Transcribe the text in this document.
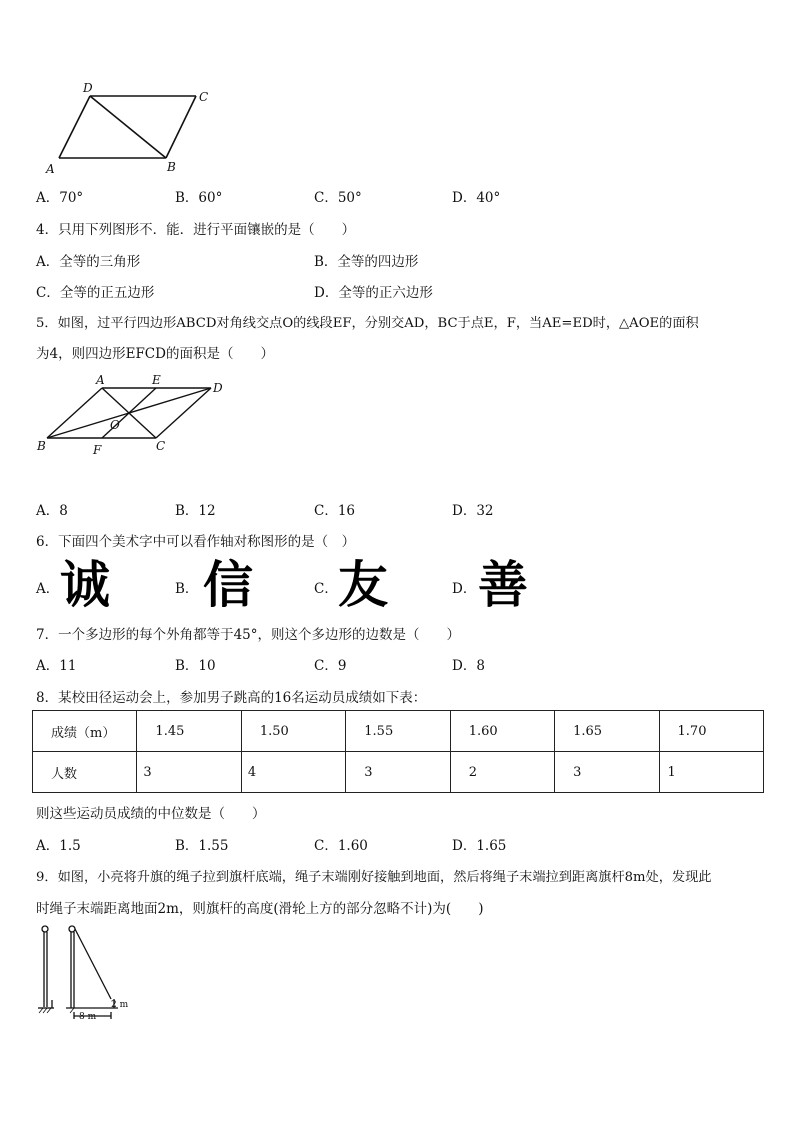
D
C
A	B
A．70°	B．60°	C．50°	D．40°
4．只用下列图形不．能．进行平面镶嵌的是（　　）
A．全等的三角形	B．全等的四边形
C．全等的正五边形	D．全等的正六边形
5．如图，过平行四边形ABCD对角线交点O的线段EF，分别交AD，BC于点E，F，当AE=ED时，△AOE的面积
为4，则四边形EFCD的面积是（　　）
A	E
D
O
B	F	C
A．8	B．12	C．16	D．32
6．下面四个美术字中可以看作轴对称图形的是（　）
A． 诚	B． 信	C． 友	D． 善
7．一个多边形的每个外角都等于45°，则这个多边形的边数是（　　）
A．11	B．10	C．9	D．8
8．某校田径运动会上，参加男子跳高的16名运动员成绩如下表：
成绩（m）	1.45	1.50	1.55	1.60	1.65	1.70
人数	3	4	3	2	3	1
则这些运动员成绩的中位数是（　　）
A．1.5	B．1.55	C．1.60	D．1.65
9．如图，小亮将升旗的绳子拉到旗杆底端，绳子末端刚好接触到地面，然后将绳子末端拉到距离旗杆8m处，发现此
时绳子末端距离地面2m，则旗杆的高度(滑轮上方的部分忽略不计)为(　　)
2 m
8 m
